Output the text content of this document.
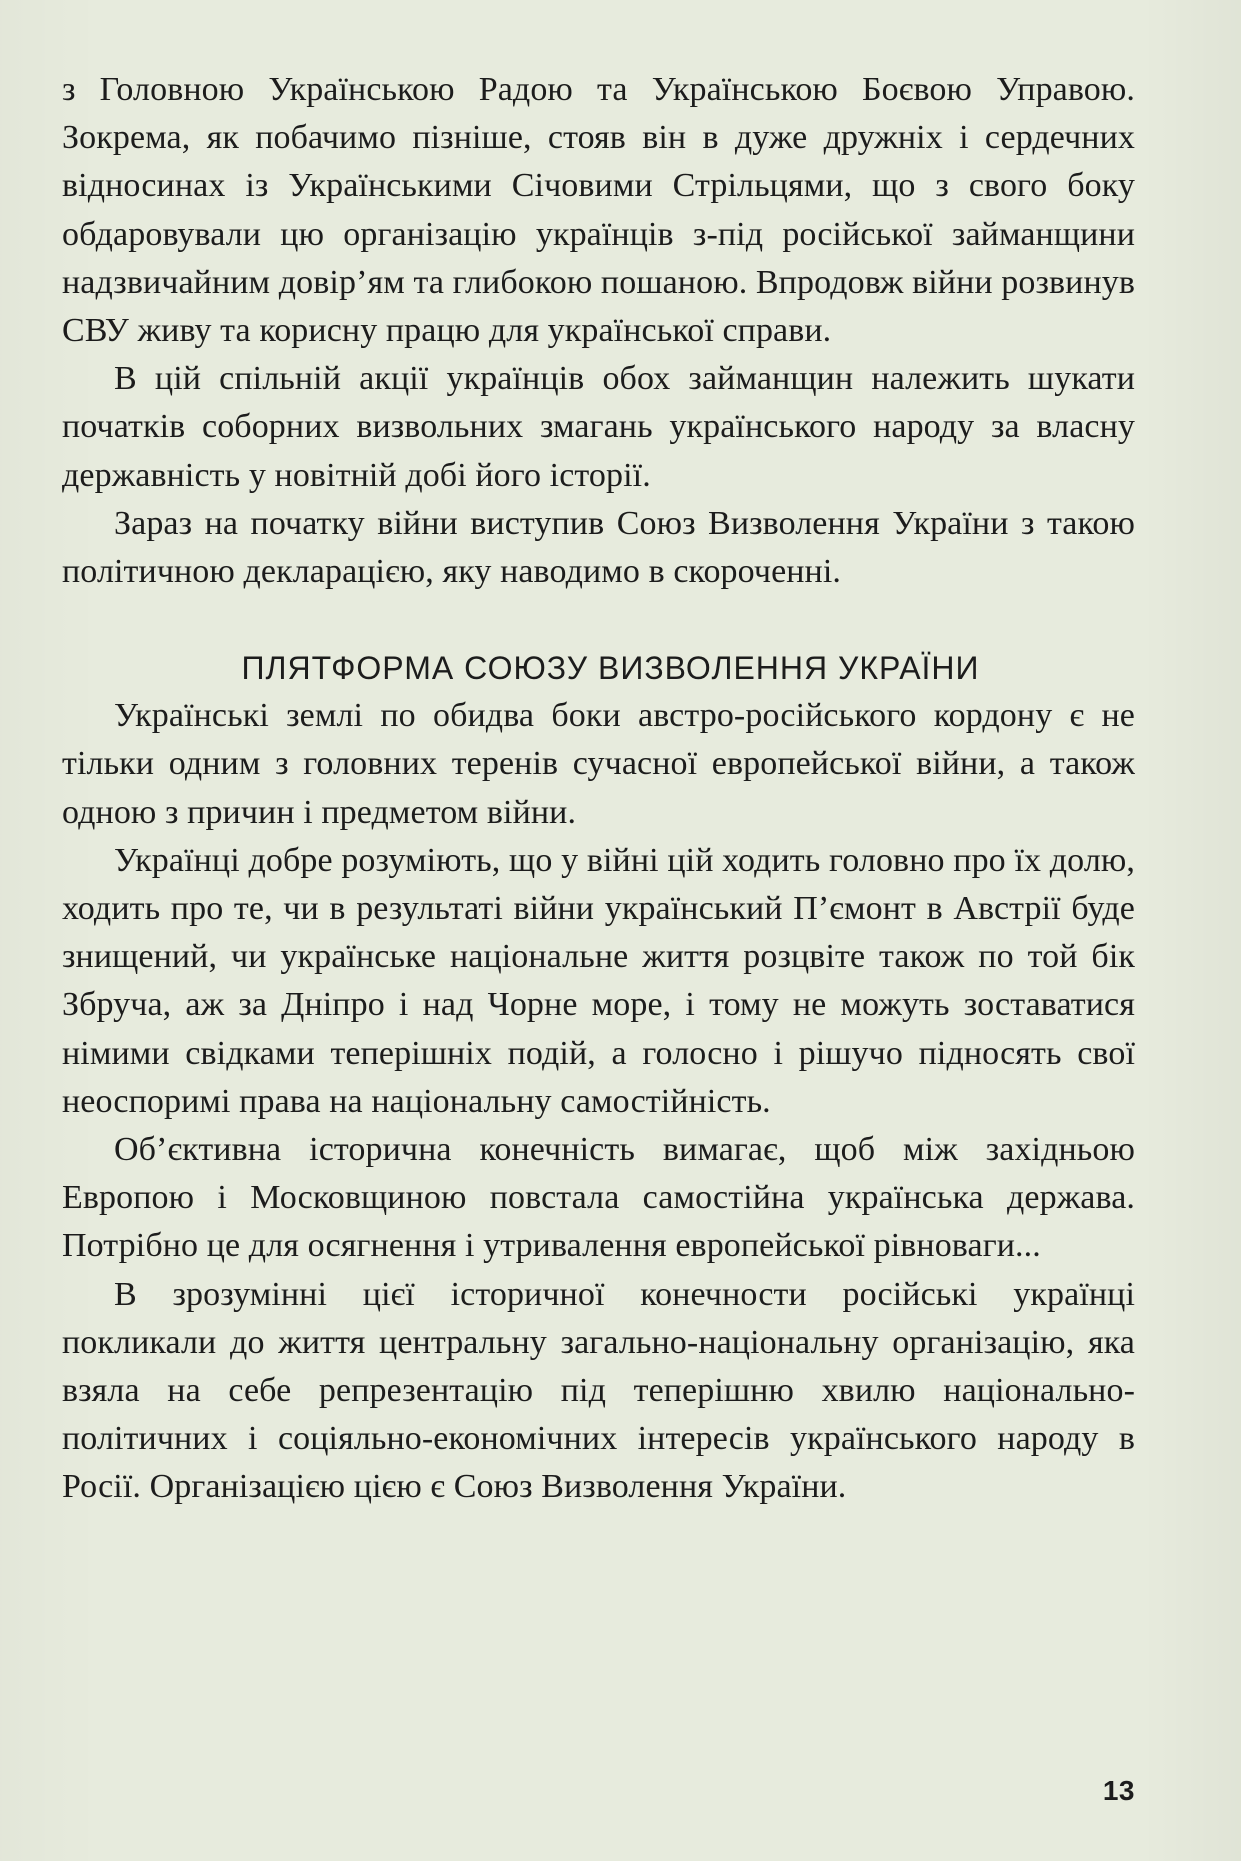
з Головною Українською Радою та Українською Боєвою Управою. Зокрема, як побачимо пізніше, стояв він в дуже дружніх і сердечних відносинах із Українськими Січовими Стрільцями, що з свого боку обдаровували цю організацію українців з-під російської займанщини надзвичайним довір’ям та глибокою пошаною. Впродовж війни розвинув СВУ живу та корисну працю для української справи.

В цій спільній акції українців обох займанщин належить шукати початків соборних визвольних змагань українського народу за власну державність у новітній добі його історії.

Зараз на початку війни виступив Союз Визволення України з такою політичною декларацією, яку наводимо в скороченні.

ПЛЯТФОРМА СОЮЗУ ВИЗВОЛЕННЯ УКРАЇНИ

Українські землі по обидва боки австро-російського кордону є не тільки одним з головних теренів сучасної европейської війни, а також одною з причин і предметом війни.

Українці добре розуміють, що у війні цій ходить головно про їх долю, ходить про те, чи в результаті війни український П’ємонт в Австрії буде знищений, чи українське національне життя розцвіте також по той бік Збруча, аж за Дніпро і над Чорне море, і тому не можуть зоставатися німими свідками теперішніх подій, а голосно і рішучо підносять свої неоспоримі права на національну самостійність.

Об’єктивна історична конечність вимагає, щоб між західньою Европою і Московщиною повстала самостійна українська держава. Потрібно це для осягнення і утривалення европейської рівноваги...

В зрозумінні цієї історичної конечности російські українці покликали до життя центральну загально-національну організацію, яка взяла на себе репрезентацію під теперішню хвилю національно-політичних і соціяльно-економічних інтересів українського народу в Росії. Організацією цією є Союз Визволення України.

13
